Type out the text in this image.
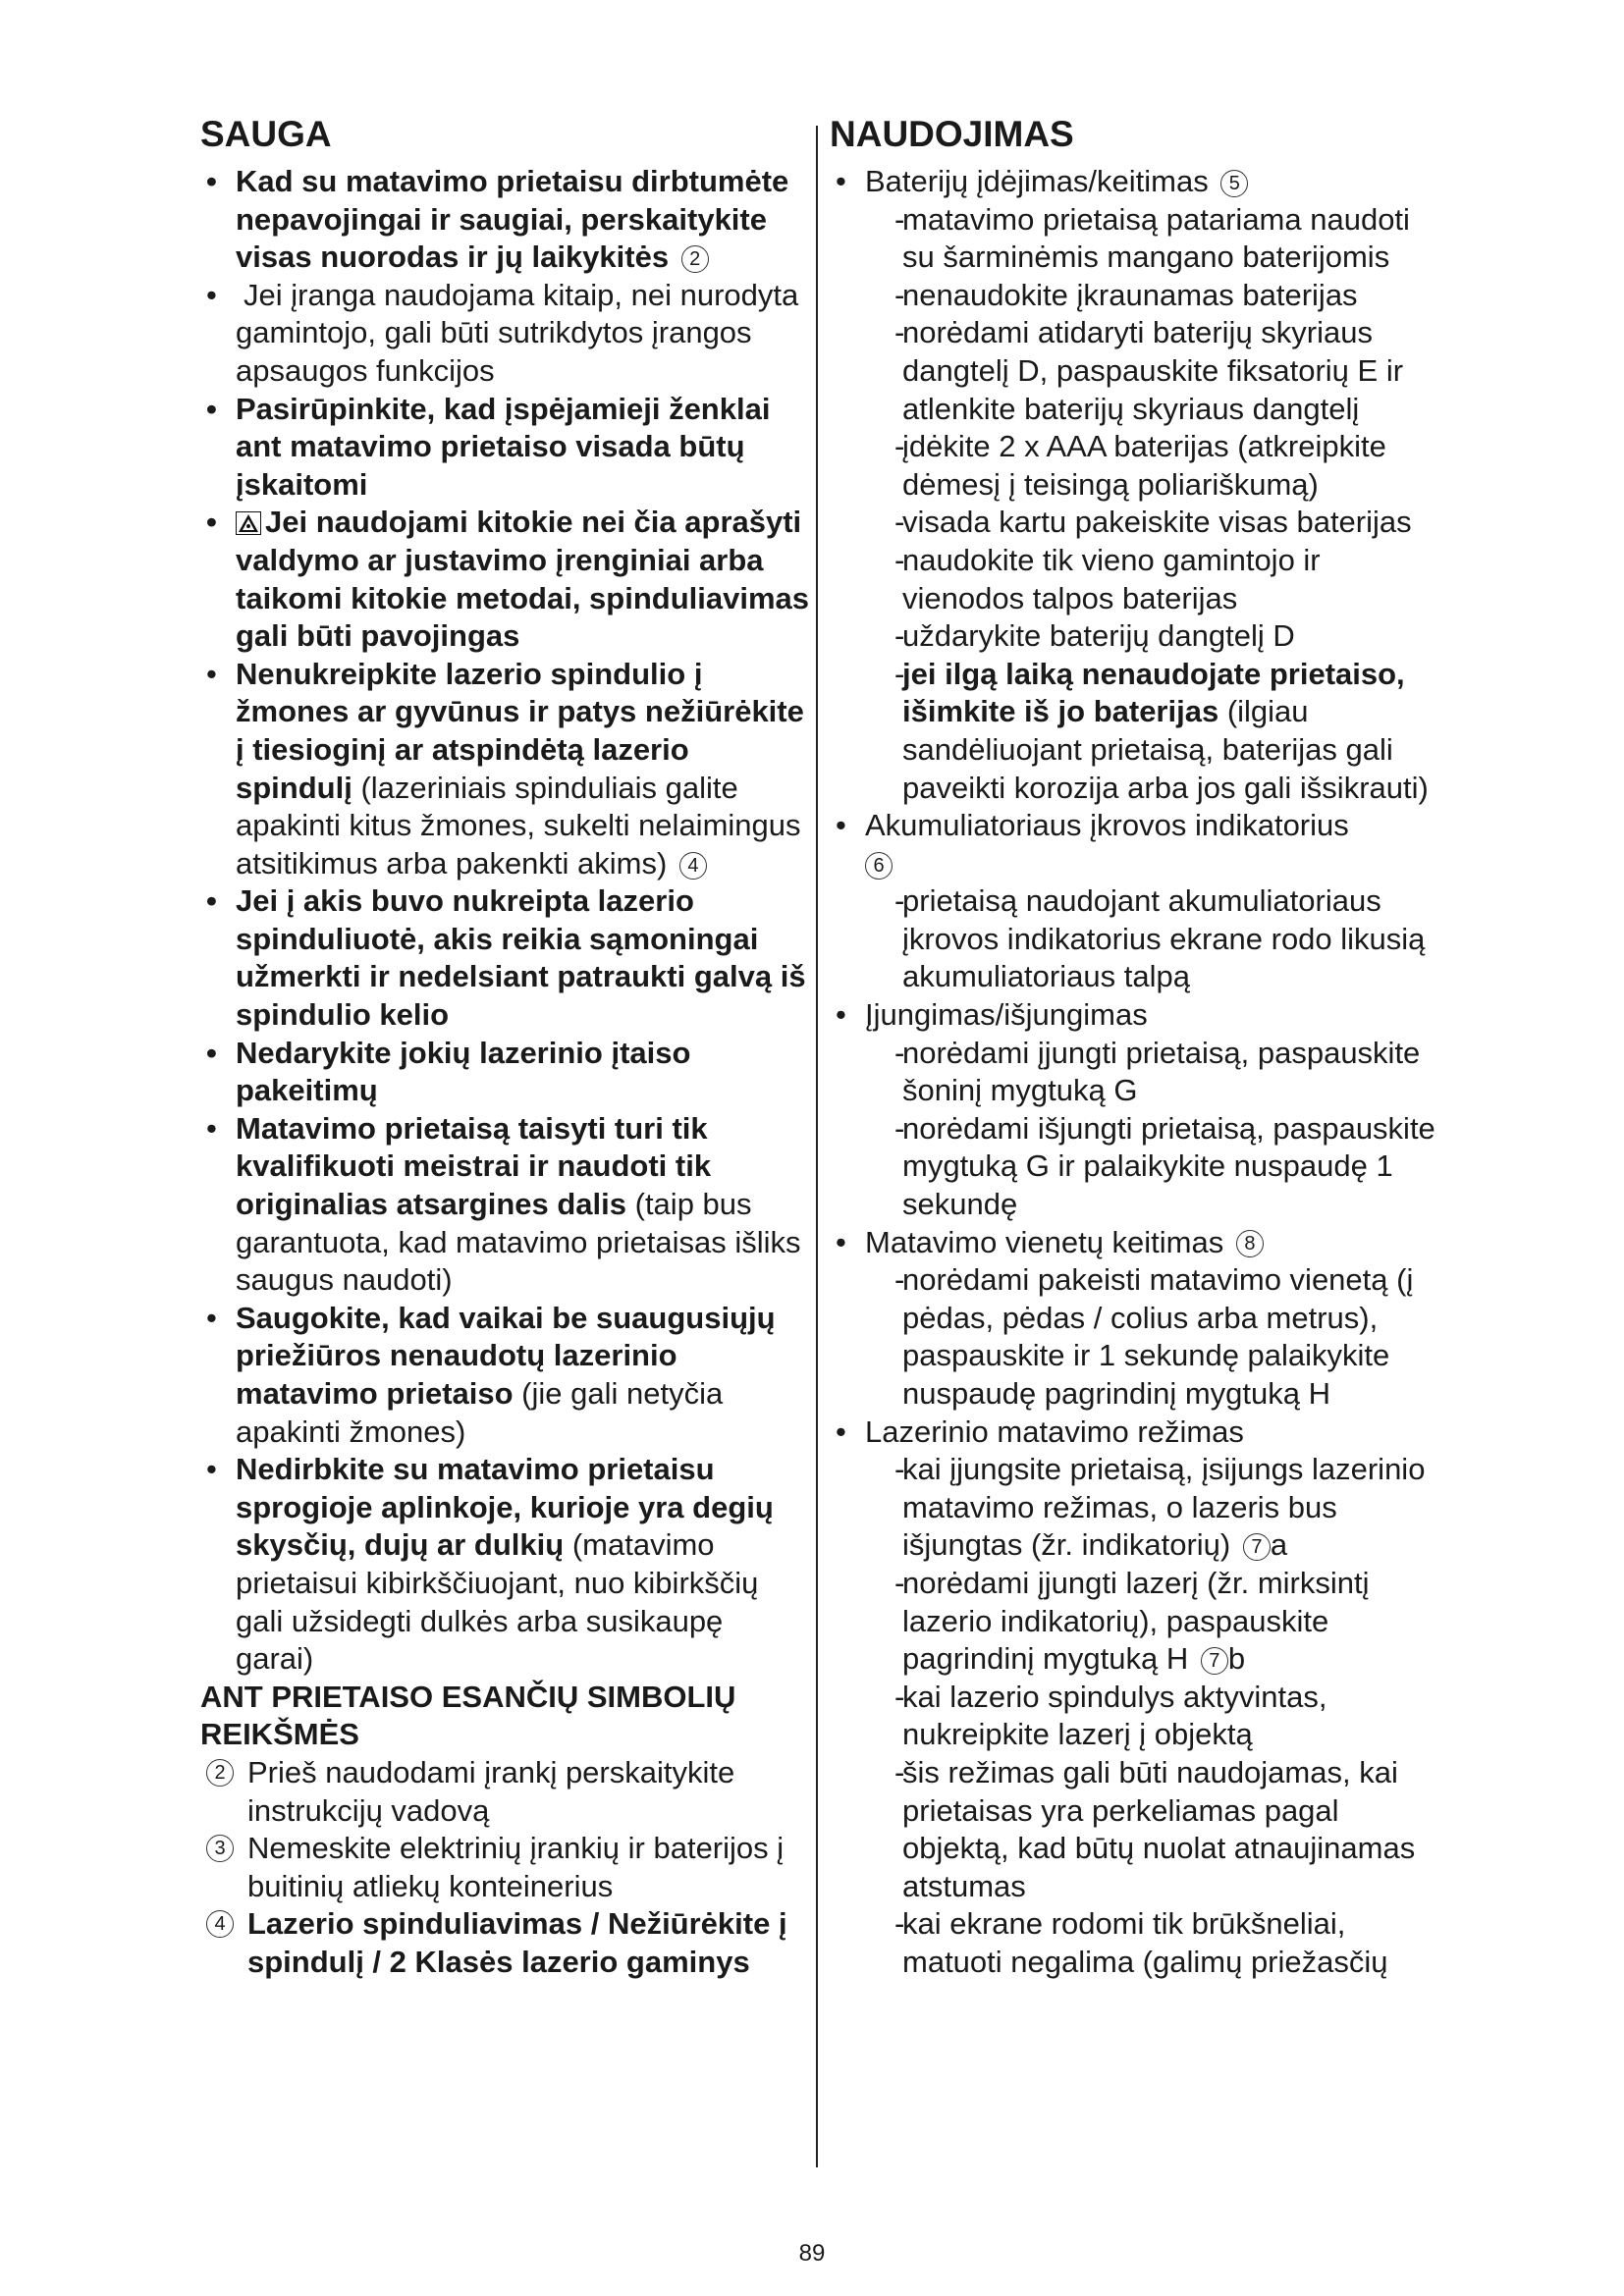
SAUGA
• Kad su matavimo prietaisu dirbtumėte nepavojingai ir saugiai, perskaitykite visas nuorodas ir jų laikykitės 2
• Jei įranga naudojama kitaip, nei nurodyta gamintojo, gali būti sutrikdytos įrangos apsaugos funkcijos
• Pasirūpinkite, kad įspėjamieji ženklai ant matavimo prietaiso visada būtų įskaitomi
• Jei naudojami kitokie nei čia aprašyti valdymo ar justavimo įrenginiai arba taikomi kitokie metodai, spinduliavimas gali būti pavojingas
• Nenukreipkite lazerio spindulio į žmones ar gyvūnus ir patys nežiūrėkite į tiesioginį ar atspindėtą lazerio spindulį (lazeriniais spinduliais galite apakinti kitus žmones, sukelti nelaimingus atsitikimus arba pakenkti akims) 4
• Jei į akis buvo nukreipta lazerio spinduliuotė, akis reikia sąmoningai užmerkti ir nedelsiant patraukti galvą iš spindulio kelio
• Nedarykite jokių lazerinio įtaiso pakeitimų
• Matavimo prietaisą taisyti turi tik kvalifikuoti meistrai ir naudoti tik originalias atsargines dalis (taip bus garantuota, kad matavimo prietaisas išliks saugus naudoti)
• Saugokite, kad vaikai be suaugusiųjų priežiūros nenaudotų lazerinio matavimo prietaiso (jie gali netyčia apakinti žmones)
• Nedirbkite su matavimo prietaisu sprogioje aplinkoje, kurioje yra degių skysčių, dujų ar dulkių (matavimo prietaisui kibirkščiuojant, nuo kibirkščių gali užsidegti dulkės arba susikaupę garai)
ANT PRIETAISO ESANČIŲ SIMBOLIŲ REIKŠMĖS
2 Prieš naudodami įrankį perskaitykite instrukcijų vadovą
3 Nemeskite elektrinių įrankių ir baterijos į buitinių atliekų konteinerius
4 Lazerio spinduliavimas / Nežiūrėkite į spindulį / 2 Klasės lazerio gaminys
NAUDOJIMAS
• Baterijų įdėjimas/keitimas 5
-
matavimo prietaisą patariama naudoti su šarminėmis mangano baterijomis
-
nenaudokite įkraunamas baterijas
-
norėdami atidaryti baterijų skyriaus dangtelį D, paspauskite fiksatorių E ir atlenkite baterijų skyriaus dangtelį
-
įdėkite 2 x AAA baterijas (atkreipkite dėmesį į teisingą poliariškumą)
-
visada kartu pakeiskite visas baterijas
-
naudokite tik vieno gamintojo ir vienodos talpos baterijas
-
uždarykite baterijų dangtelį D
-
jei ilgą laiką nenaudojate prietaiso, išimkite iš jo baterijas (ilgiau sandėliuojant prietaisą, baterijas gali paveikti korozija arba jos gali išsikrauti)
• Akumuliatoriaus įkrovos indikatorius
6
-
prietaisą naudojant akumuliatoriaus įkrovos indikatorius ekrane rodo likusią akumuliatoriaus talpą
• Įjungimas/išjungimas
-
norėdami įjungti prietaisą, paspauskite šoninį mygtuką G
-
norėdami išjungti prietaisą, paspauskite mygtuką G ir palaikykite nuspaudę 1 sekundę
• Matavimo vienetų keitimas 8
-
norėdami pakeisti matavimo vienetą (į pėdas, pėdas / colius arba metrus), paspauskite ir 1 sekundę palaikykite nuspaudę pagrindinį mygtuką H
• Lazerinio matavimo režimas
-
kai įjungsite prietaisą, įsijungs lazerinio matavimo režimas, o lazeris bus išjungtas (žr. indikatorių) 7 a
-
norėdami įjungti lazerį (žr. mirksintį lazerio indikatorių), paspauskite pagrindinį mygtuką H 7 b
-
kai lazerio spindulys aktyvintas, nukreipkite lazerį į objektą
-
šis režimas gali būti naudojamas, kai prietaisas yra perkeliamas pagal objektą, kad būtų nuolat atnaujinamas atstumas
-
kai ekrane rodomi tik brūkšneliai, matuoti negalima (galimų priežasčių
89
